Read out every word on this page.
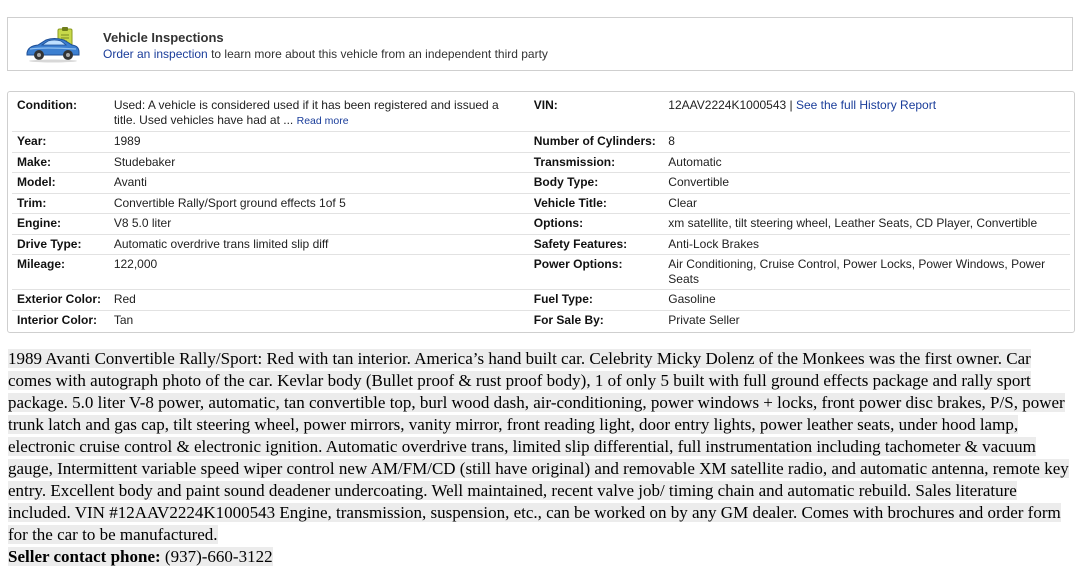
Vehicle Inspections
Order an inspection to learn more about this vehicle from an independent third party
Condition:	Used: A vehicle is considered used if it has been registered and issued a title. Used vehicles have had at ... Read more	VIN:	12AAV2224K1000543 | See the full History Report
Year:	1989	Number of Cylinders:	8
Make:	Studebaker	Transmission:	Automatic
Model:	Avanti	Body Type:	Convertible
Trim:	Convertible Rally/Sport ground effects 1of 5	Vehicle Title:	Clear
Engine:	V8 5.0 liter	Options:	xm satellite, tilt steering wheel, Leather Seats, CD Player, Convertible
Drive Type:	Automatic overdrive trans limited slip diff	Safety Features:	Anti-Lock Brakes
Mileage:	122,000	Power Options:	Air Conditioning, Cruise Control, Power Locks, Power Windows, Power Seats
Exterior Color:	Red	Fuel Type:	Gasoline
Interior Color:	Tan	For Sale By:	Private Seller
1989 Avanti Convertible Rally/Sport: Red with tan interior. America’s hand built car. Celebrity Micky Dolenz of the Monkees was the first owner. Car comes with autograph photo of the car. Kevlar body (Bullet proof & rust proof body), 1 of only 5 built with full ground effects package and rally sport package. 5.0 liter V-8 power, automatic, tan convertible top, burl wood dash, air-conditioning, power windows + locks, front power disc brakes, P/S, power trunk latch and gas cap, tilt steering wheel, power mirrors, vanity mirror, front reading light, door entry lights, power leather seats, under hood lamp, electronic cruise control & electronic ignition. Automatic overdrive trans, limited slip differential, full instrumentation including tachometer & vacuum gauge, Intermittent variable speed wiper control new AM/FM/CD (still have original) and removable XM satellite radio, and automatic antenna, remote key entry. Excellent body and paint sound deadener undercoating. Well maintained, recent valve job/ timing chain and automatic rebuild. Sales literature included. VIN #12AAV2224K1000543 Engine, transmission, suspension, etc., can be worked on by any GM dealer. Comes with brochures and order form for the car to be manufactured.
Seller contact phone: (937)-660-3122
